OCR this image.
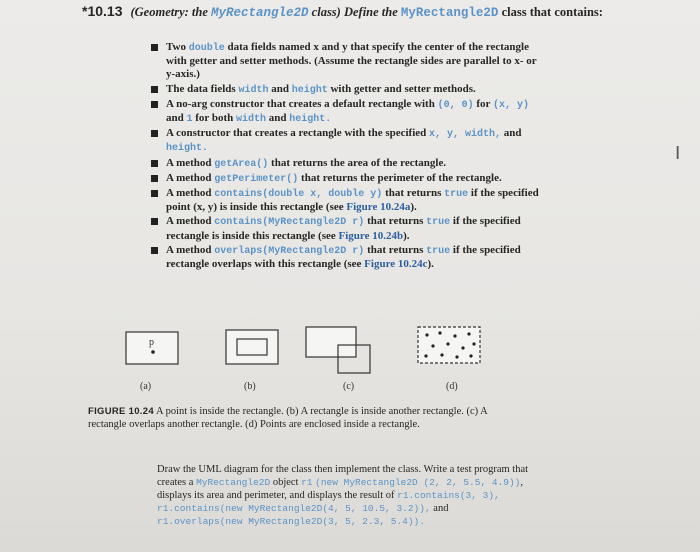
*10.13 (Geometry: the MyRectangle2D class) Define the MyRectangle2D class that contains:
Two double data fields named x and y that specify the center of the rectangle with getter and setter methods. (Assume the rectangle sides are parallel to x- or y-axis.)
The data fields width and height with getter and setter methods.
A no-arg constructor that creates a default rectangle with (0, 0) for (x, y) and 1 for both width and height.
A constructor that creates a rectangle with the specified x, y, width, and height.
A method getArea() that returns the area of the rectangle.
A method getPerimeter() that returns the perimeter of the rectangle.
A method contains(double x, double y) that returns true if the specified point (x, y) is inside this rectangle (see Figure 10.24a).
A method contains(MyRectangle2D r) that returns true if the specified rectangle is inside this rectangle (see Figure 10.24b).
A method overlaps(MyRectangle2D r) that returns true if the specified rectangle overlaps with this rectangle (see Figure 10.24c).
I
p
(a)	(b)	(c)	(d)
FIGURE 10.24 A point is inside the rectangle. (b) A rectangle is inside another rectangle. (c) A rectangle overlaps another rectangle. (d) Points are enclosed inside a rectangle.
Draw the UML diagram for the class then implement the class. Write a test program that creates a MyRectangle2D object r1 (new MyRectangle2D (2, 2, 5.5, 4.9)), displays its area and perimeter, and displays the result of r1.contains(3, 3), r1.contains(new MyRectangle2D(4, 5, 10.5, 3.2)), and r1.overlaps(new MyRectangle2D(3, 5, 2.3, 5.4)).
